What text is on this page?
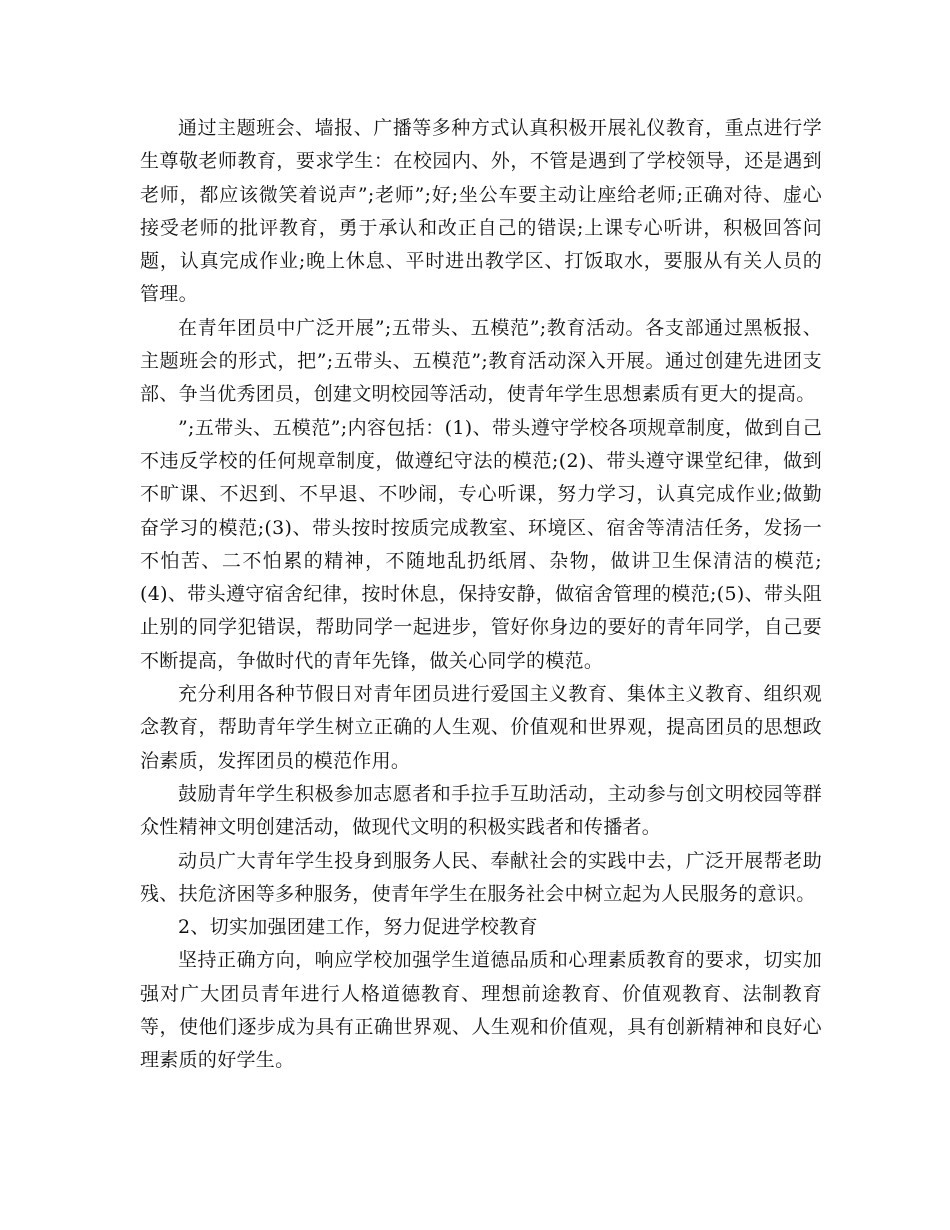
通过主题班会、墙报、广播等多种方式认真积极开展礼仪教育，重点进行学生尊敬老师教育，要求学生：在校园内、外，不管是遇到了学校领导，还是遇到老师，都应该微笑着说声”;老师”;好;坐公车要主动让座给老师;正确对待、虚心接受老师的批评教育，勇于承认和改正自己的错误;上课专心听讲，积极回答问题，认真完成作业;晚上休息、平时进出教学区、打饭取水，要服从有关人员的管理。

在青年团员中广泛开展”;五带头、五模范”;教育活动。各支部通过黑板报、主题班会的形式，把”;五带头、五模范”;教育活动深入开展。通过创建先进团支部、争当优秀团员，创建文明校园等活动，使青年学生思想素质有更大的提高。

”;五带头、五模范”;内容包括：(1)、带头遵守学校各项规章制度，做到自己不违反学校的任何规章制度，做遵纪守法的模范;(2)、带头遵守课堂纪律，做到不旷课、不迟到、不早退、不吵闹，专心听课，努力学习，认真完成作业;做勤奋学习的模范;(3)、带头按时按质完成教室、环境区、宿舍等清洁任务，发扬一不怕苦、二不怕累的精神，不随地乱扔纸屑、杂物，做讲卫生保清洁的模范;(4)、带头遵守宿舍纪律，按时休息，保持安静，做宿舍管理的模范;(5)、带头阻止别的同学犯错误，帮助同学一起进步，管好你身边的要好的青年同学，自己要不断提高，争做时代的青年先锋，做关心同学的模范。

充分利用各种节假日对青年团员进行爱国主义教育、集体主义教育、组织观念教育，帮助青年学生树立正确的人生观、价值观和世界观，提高团员的思想政治素质，发挥团员的模范作用。

鼓励青年学生积极参加志愿者和手拉手互助活动，主动参与创文明校园等群众性精神文明创建活动，做现代文明的积极实践者和传播者。

动员广大青年学生投身到服务人民、奉献社会的实践中去，广泛开展帮老助残、扶危济困等多种服务，使青年学生在服务社会中树立起为人民服务的意识。

2、切实加强团建工作，努力促进学校教育

坚持正确方向，响应学校加强学生道德品质和心理素质教育的要求，切实加强对广大团员青年进行人格道德教育、理想前途教育、价值观教育、法制教育等，使他们逐步成为具有正确世界观、人生观和价值观，具有创新精神和良好心理素质的好学生。
